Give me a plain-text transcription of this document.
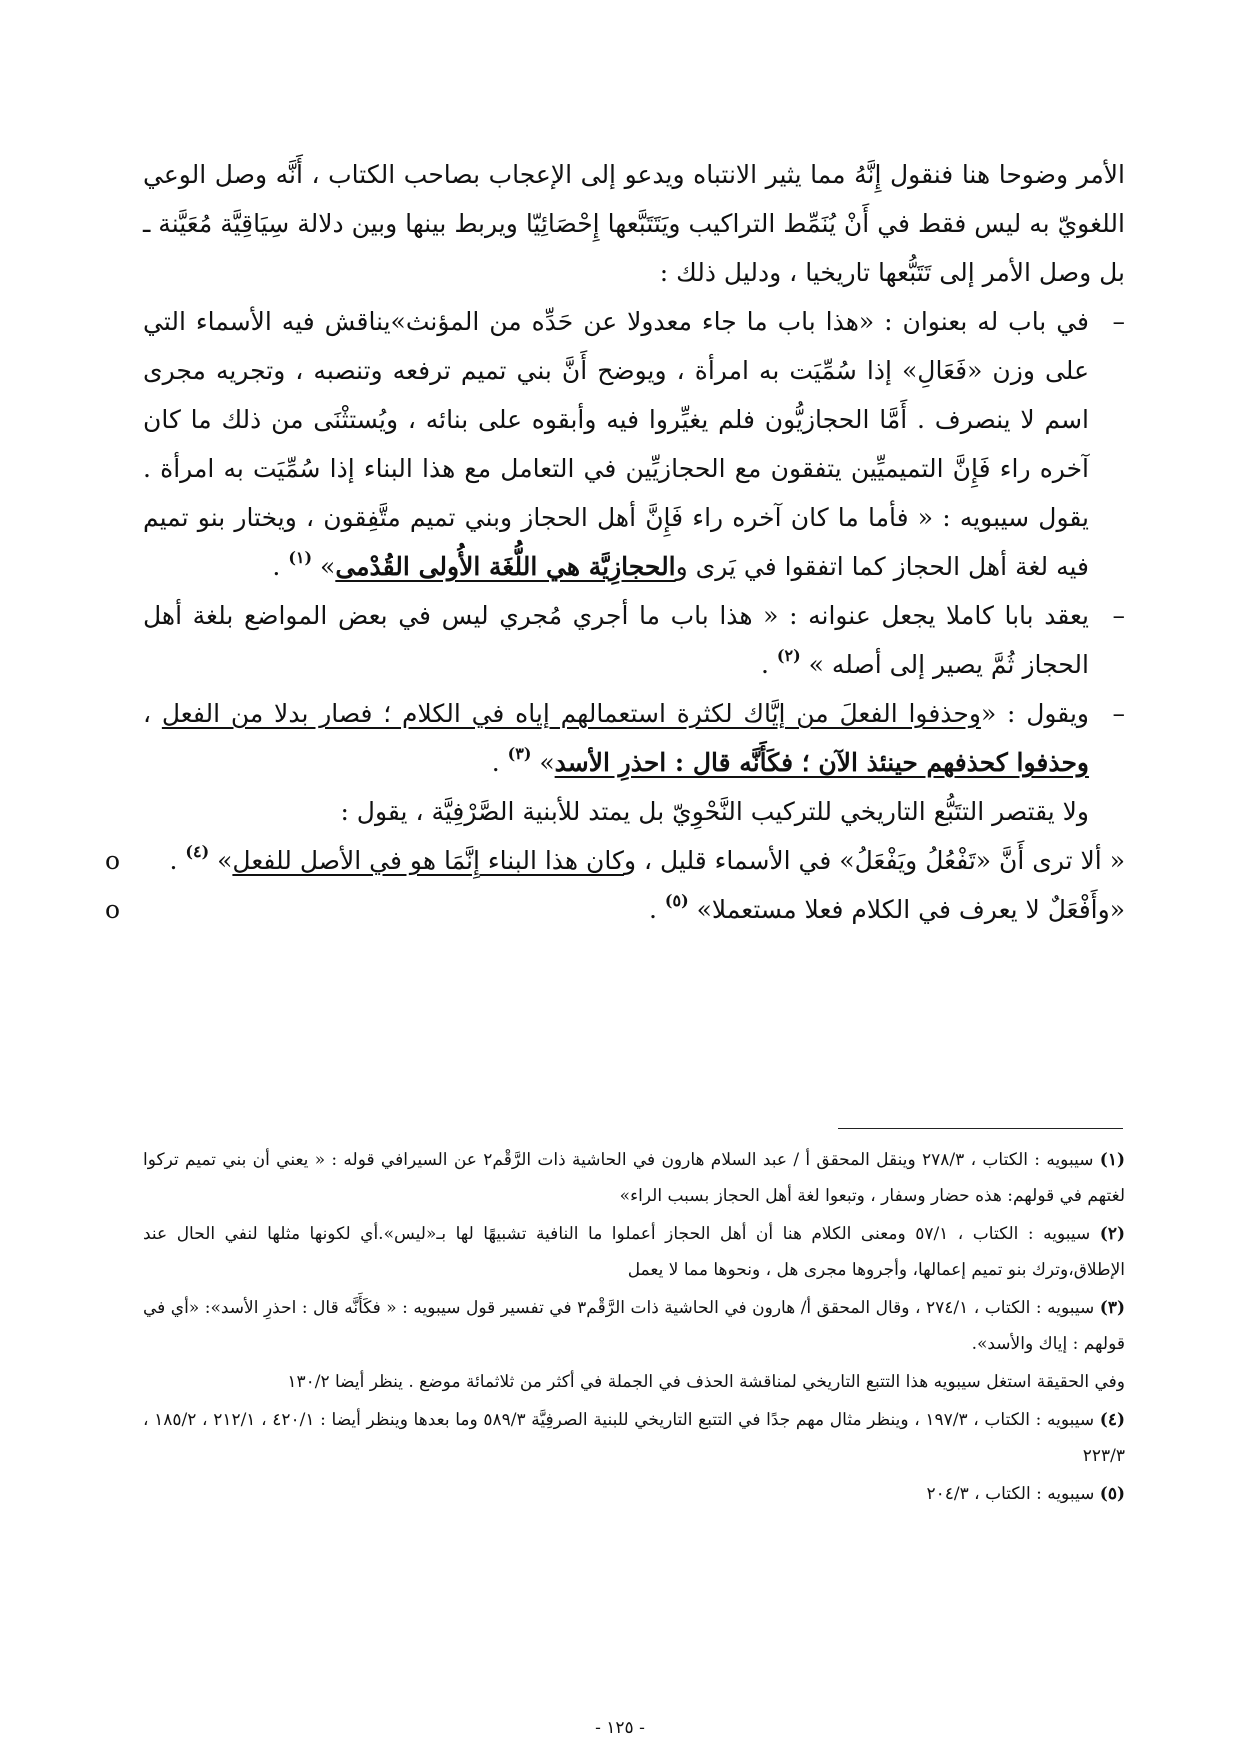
الأمر وضوحا هنا فنقول إِنَّهُ مما يثير الانتباه ويدعو إلى الإعجاب بصاحب الكتاب ، أَنَّه وصل الوعي اللغويّ به ليس فقط في أَنْ يُنَمِّط التراكيب ويَتَتَبَّعها إِحْصَائِيّا ويربط بينها وبين دلالة سِيَاقِيَّة مُعَيَّنة ـ بل وصل الأمر إلى تَتَبُّعها تاريخيا ، ودليل ذلك :

–
في باب له بعنوان : «هذا باب ما جاء معدولا عن حَدِّه من المؤنث»يناقش فيه الأسماء التي على وزن «فَعَالِ» إذا سُمِّيَت به امرأة ، ويوضح أَنَّ بني تميم ترفعه وتنصبه ، وتجريه مجرى اسم لا ينصرف . أَمَّا الحجازيُّون فلم يغيِّروا فيه وأبقوه على بنائه ، ويُستثْنَى من ذلك ما كان آخره راء فَإِنَّ التميميِّين يتفقون مع الحجازيِّين في التعامل مع هذا البناء إذا سُمِّيَت به امرأة . يقول سيبويه : « فأما ما كان آخره راء فَإِنَّ أهل الحجاز وبني تميم متَّفِقون ، ويختار بنو تميم فيه لغة أهل الحجاز كما اتفقوا في يَرى والحجازِيَّة هي اللُّغَة الأُولى القُدْمى» $^{(١)}$ .

–
يعقد بابا كاملا يجعل عنوانه : « هذا باب ما أجري مُجري ليس في بعض المواضع بلغة أهل الحجاز ثُمَّ يصير إلى أصله » $^{(٢)}$ .

–
ويقول : «وحذفوا الفعلَ من إيَّاك لكثرة استعمالهم إياه في الكلام ؛ فصار بدلا من الفعل ، وحذفوا كحذفهم حينئذ الآن ؛ فكَأَنَّه قال : احذرِ الأسد» $^{(٣)}$ .

ولا يقتصر التتَبُّع التاريخي للتركيب النَّحْوِيّ بل يمتد للأبنية الصَّرْفِيَّة ، يقول :

o	« ألا ترى أَنَّ «تَفْعُلُ ويَفْعَلُ» في الأسماء قليل ، وكان هذا البناء إِنَّمَا هو في الأصل للفعل» $^{(٤)}$ .

o	«وأَفْعَلٌ لا يعرف في الكلام فعلا مستعملا» $^{(٥)}$ .

(١) سيبويه : الكتاب ، ٢٧٨/٣ وينقل المحقق أ / عبد السلام هارون في الحاشية ذات الرَّقْم٢ عن السيرافي قوله : « يعني أن بني تميم تركوا لغتهم في قولهم: هذه حضار وسفار ، وتبعوا لغة أهل الحجاز بسبب الراء»

(٢) سيبويه : الكتاب ، ٥٧/١ ومعنى الكلام هنا أن أهل الحجاز أعملوا ما النافية تشبيهًا لها بـ«ليس».أي لكونها مثلها لنفي الحال عند الإطلاق،وترك بنو تميم إعمالها، وأجروها مجرى هل ، ونحوها مما لا يعمل

(٣) سيبويه : الكتاب ، ٢٧٤/١ ، وقال المحقق أ/ هارون في الحاشية ذات الرَّقْم٣ في تفسير قول سيبويه : « فكَأَنَّه قال : احذرِ الأسد»: «أي في قولهم : إياك والأسد».

وفي الحقيقة استغل سيبويه هذا التتبع التاريخي لمناقشة الحذف في الجملة في أكثر من ثلاثمائة موضع . ينظر أيضا ١٣٠/٢

(٤) سيبويه : الكتاب ، ١٩٧/٣ ، وينظر مثال مهم جدًا في التتبع التاريخي للبنية الصرفِيَّة ٥٨٩/٣ وما بعدها وينظر أيضا : ٤٢٠/١ ، ٢١٢/١ ، ١٨٥/٢ ، ٢٢٣/٣

(٥) سيبويه : الكتاب ، ٢٠٤/٣

- ١٢٥ -
